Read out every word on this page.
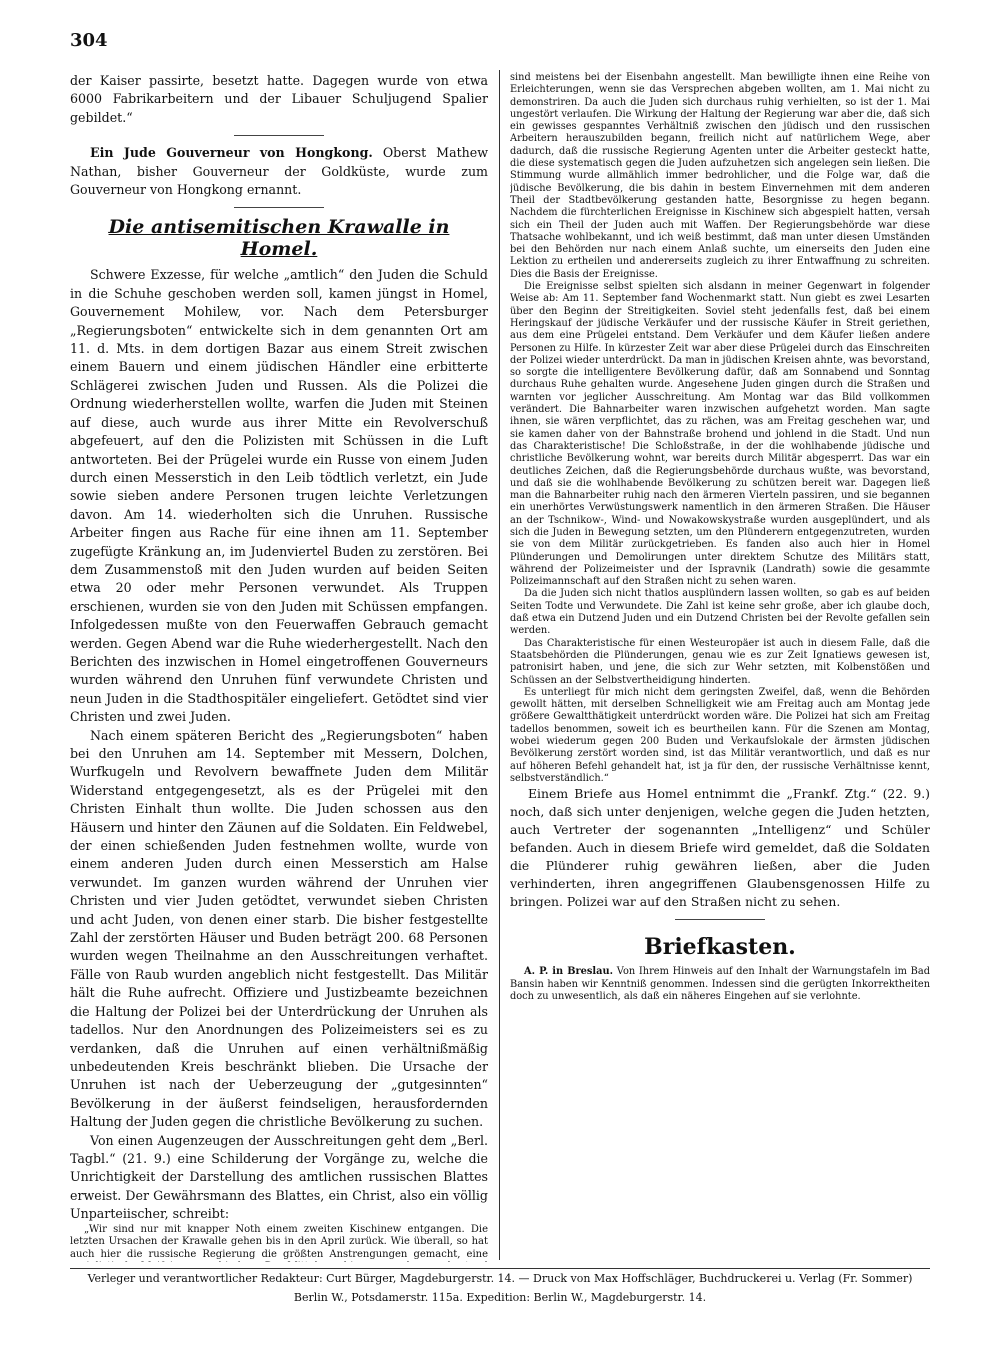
304

der Kaiser passirte, besetzt hatte. Dagegen wurde von etwa 6000 Fabrikarbeitern und der Libauer Schuljugend Spalier gebildet.“

Ein Jude Gouverneur von Hongkong. Oberst Mathew Nathan, bisher Gouverneur der Goldküste, wurde zum Gouverneur von Hongkong ernannt.

Die antisemitischen Krawalle in Homel.

Schwere Exzesse, für welche „amtlich“ den Juden die Schuld in die Schuhe geschoben werden soll, kamen jüngst in Homel, Gouvernement Mohilew, vor. Nach dem Petersburger „Regierungsboten“ entwickelte sich in dem genannten Ort am 11. d. Mts. in dem dortigen Bazar aus einem Streit zwischen einem Bauern und einem jüdischen Händler eine erbitterte Schlägerei zwischen Juden und Russen. Als die Polizei die Ordnung wiederherstellen wollte, warfen die Juden mit Steinen auf diese, auch wurde aus ihrer Mitte ein Revolverschuß abgefeuert, auf den die Polizisten mit Schüssen in die Luft antworteten. Bei der Prügelei wurde ein Russe von einem Juden durch einen Messerstich in den Leib tödtlich verletzt, ein Jude sowie sieben andere Personen trugen leichte Verletzungen davon. Am 14. wiederholten sich die Unruhen. Russische Arbeiter fingen aus Rache für eine ihnen am 11. September zugefügte Kränkung an, im Judenviertel Buden zu zerstören. Bei dem Zusammenstoß mit den Juden wurden auf beiden Seiten etwa 20 oder mehr Personen verwundet. Als Truppen erschienen, wurden sie von den Juden mit Schüssen empfangen. Infolgedessen mußte von den Feuerwaffen Gebrauch gemacht werden. Gegen Abend war die Ruhe wiederhergestellt. Nach den Berichten des inzwischen in Homel eingetroffenen Gouverneurs wurden während den Unruhen fünf verwundete Christen und neun Juden in die Stadthospitäler eingeliefert. Getödtet sind vier Christen und zwei Juden.

Nach einem späteren Bericht des „Regierungsboten“ haben bei den Unruhen am 14. September mit Messern, Dolchen, Wurfkugeln und Revolvern bewaffnete Juden dem Militär Widerstand entgegengesetzt, als es der Prügelei mit den Christen Einhalt thun wollte. Die Juden schossen aus den Häusern und hinter den Zäunen auf die Soldaten. Ein Feldwebel, der einen schießenden Juden festnehmen wollte, wurde von einem anderen Juden durch einen Messerstich am Halse verwundet. Im ganzen wurden während der Unruhen vier Christen und vier Juden getödtet, verwundet sieben Christen und acht Juden, von denen einer starb. Die bisher festgestellte Zahl der zerstörten Häuser und Buden beträgt 200. 68 Personen wurden wegen Theilnahme an den Ausschreitungen verhaftet. Fälle von Raub wurden angeblich nicht festgestellt. Das Militär hält die Ruhe aufrecht. Offiziere und Justizbeamte bezeichnen die Haltung der Polizei bei der Unterdrückung der Unruhen als tadellos. Nur den Anordnungen des Polizeimeisters sei es zu verdanken, daß die Unruhen auf einen verhältnißmäßig unbedeutenden Kreis beschränkt blieben. Die Ursache der Unruhen ist nach der Ueberzeugung der „gutgesinnten“ Bevölkerung in der äußerst feindseligen, herausfordernden Haltung der Juden gegen die christliche Bevölkerung zu suchen.

Von einen Augenzeugen der Ausschreitungen geht dem „Berl. Tagbl.“ (21. 9.) eine Schilderung der Vorgänge zu, welche die Unrichtigkeit der Darstellung des amtlichen russischen Blattes erweist. Der Gewährsmann des Blattes, ein Christ, also ein völlig Unparteiischer, schreibt:

„Wir sind nur mit knapper Noth einem zweiten Kischinew entgangen. Die letzten Ursachen der Krawalle gehen bis in den April zurück. Wie überall, so hat auch hier die russische Regierung die größten Anstrengungen gemacht, eine

sind meistens bei der Eisenbahn angestellt. Man bewilligte ihnen eine Reihe von Erleichterungen, wenn sie das Versprechen abgeben wollten, am 1. Mai nicht zu demonstriren. Da auch die Juden sich durchaus ruhig verhielten, so ist der 1. Mai ungestört verlaufen. Die Wirkung der Haltung der Regierung war aber die, daß sich ein gewisses gespanntes Verhältniß zwischen den jüdisch und den russischen Arbeitern herauszubilden begann, freilich nicht auf natürlichem Wege, aber dadurch, daß die russische Regierung Agenten unter die Arbeiter gesteckt hatte, die diese systematisch gegen die Juden aufzuhetzen sich angelegen sein ließen. Die Stimmung wurde allmählich immer bedrohlicher, und die Folge war, daß die jüdische Bevölkerung, die bis dahin in bestem Einvernehmen mit dem anderen Theil der Stadtbevölkerung gestanden hatte, Besorgnisse zu hegen begann. Nachdem die fürchterlichen Ereignisse in Kischinew sich abgespielt hatten, versah sich ein Theil der Juden auch mit Waffen. Der Regierungsbehörde war diese Thatsache wohlbekannt, und ich weiß bestimmt, daß man unter diesen Umständen bei den Behörden nur nach einem Anlaß suchte, um einerseits den Juden eine Lektion zu ertheilen und andererseits zugleich zu ihrer Entwaffnung zu schreiten. Dies die Basis der Ereignisse.

Die Ereignisse selbst spielten sich alsdann in meiner Gegenwart in folgender Weise ab: Am 11. September fand Wochenmarkt statt. Nun giebt es zwei Lesarten über den Beginn der Streitigkeiten. Soviel steht jedenfalls fest, daß bei einem Heringskauf der jüdische Verkäufer und der russische Käufer in Streit geriethen, aus dem eine Prügelei entstand. Dem Verkäufer und dem Käufer ließen andere Personen zu Hilfe. In kürzester Zeit war aber diese Prügelei durch das Einschreiten der Polizei wieder unterdrückt. Da man in jüdischen Kreisen ahnte, was bevorstand, so sorgte die intelligentere Bevölkerung dafür, daß am Sonnabend und Sonntag durchaus Ruhe gehalten wurde. Angesehene Juden gingen durch die Straßen und warnten vor jeglicher Ausschreitung. Am Montag war das Bild vollkommen verändert. Die Bahnarbeiter waren inzwischen aufgehetzt worden. Man sagte ihnen, sie wären verpflichtet, das zu rächen, was am Freitag geschehen war, und sie kamen daher von der Bahnstraße brohend und johlend in die Stadt. Und nun das Charakteristische! Die Schloßstraße, in der die wohlhabende jüdische und christliche Bevölkerung wohnt, war bereits durch Militär abgesperrt. Das war ein deutliches Zeichen, daß die Regierungsbehörde durchaus wußte, was bevorstand, und daß sie die wohlhabende Bevölkerung zu schützen bereit war. Dagegen ließ man die Bahnarbeiter ruhig nach den ärmeren Vierteln passiren, und sie begannen ein unerhörtes Verwüstungswerk namentlich in den ärmeren Straßen. Die Häuser an der Tschnikow-, Wind- und Nowakowskystraße wurden ausgeplündert, und als sich die Juden in Bewegung setzten, um den Plünderern entgegenzutreten, wurden sie von dem Militär zurückgetrieben. Es fanden also auch hier in Homel Plünderungen und Demolirungen unter direktem Schutze des Militärs statt, während der Polizeimeister und der Ispravnik (Landrath) sowie die gesammte Polizeimannschaft auf den Straßen nicht zu sehen waren.

Da die Juden sich nicht thatlos ausplündern lassen wollten, so gab es auf beiden Seiten Todte und Verwundete. Die Zahl ist keine sehr große, aber ich glaube doch, daß etwa ein Dutzend Juden und ein Dutzend Christen bei der Revolte gefallen sein werden.

Das Charakteristische für einen Westeuropäer ist auch in diesem Falle, daß die Staatsbehörden die Plünderungen, genau wie es zur Zeit Ignatiews gewesen ist, patronisirt haben, und jene, die sich zur Wehr setzten, mit Kolbenstößen und Schüssen an der Selbstvertheidigung hinderten.

Es unterliegt für mich nicht dem geringsten Zweifel, daß, wenn die Behörden gewollt hätten, mit derselben Schnelligkeit wie am Freitag auch am Montag jede größere Gewaltthätigkeit unterdrückt worden wäre. Die Polizei hat sich am Freitag tadellos benommen, soweit ich es beurtheilen kann. Für die Szenen am Montag, wobei wiederum gegen 200 Buden und Verkaufslokale der ärmsten jüdischen Bevölkerung zerstört worden sind, ist das Militär verantwortlich, und daß es nur auf höheren Befehl gehandelt hat, ist ja für den, der russische Verhältnisse kennt, selbstverständlich.“

Einem Briefe aus Homel entnimmt die „Frankf. Ztg.“ (22. 9.) noch, daß sich unter denjenigen, welche gegen die Juden hetzten, auch Vertreter der sogenannten „Intelligenz“ und Schüler befanden. Auch in diesem Briefe wird gemeldet, daß die Soldaten die Plünderer ruhig gewähren ließen, aber die Juden verhinderten, ihren angegriffenen Glaubensgenossen Hilfe zu bringen. Polizei war auf den Straßen nicht zu sehen.

Briefkasten.

A. P. in Breslau. Von Ihrem Hinweis auf den Inhalt der Warnungstafeln im Bad Bansin haben wir Kenntniß genommen. Indessen sind die gerügten Inkorrektheiten doch zu unwesentlich, als daß ein näheres Eingehen auf sie verlohnte.

Verleger und verantwortlicher Redakteur: Curt Bürger, Magdeburgerstr. 14. — Druck von Max Hoffschläger, Buchdruckerei u. Verlag (Fr. Sommer)
Berlin W., Potsdamerstr. 115a. Expedition: Berlin W., Magdeburgerstr. 14.
